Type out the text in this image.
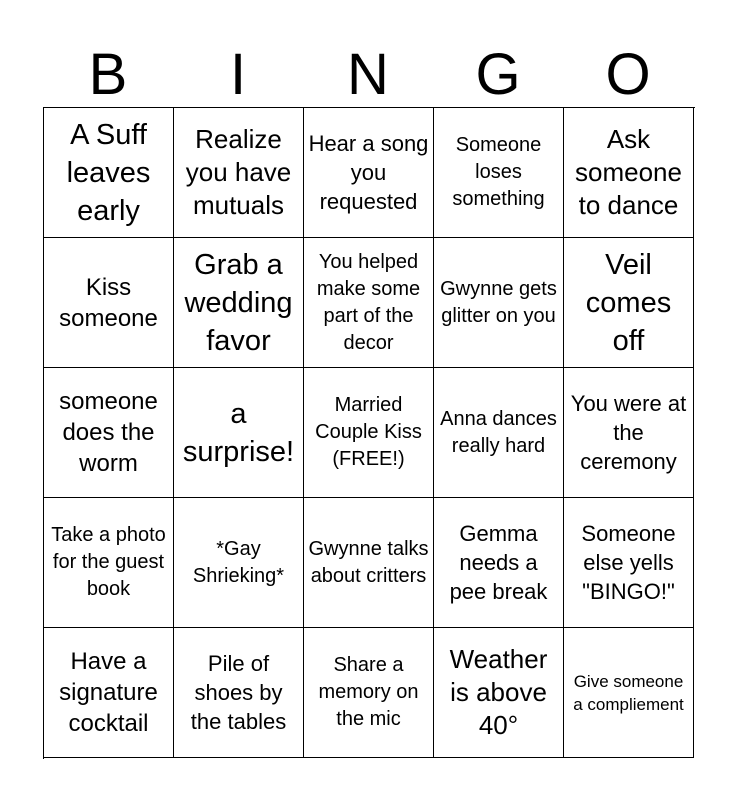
B	I	N	G	O
A Suff leaves early
Realize you have mutuals
Hear a song you requested
Someone loses something
Ask someone to dance
Kiss someone
Grab a wedding favor
You helped make some part of the decor
Gwynne gets glitter on you
Veil comes off
someone does the worm
a surprise!
Married Couple Kiss (FREE!)
Anna dances really hard
You were at the ceremony
Take a photo for the guest book
*Gay Shrieking*
Gwynne talks about critters
Gemma needs a pee break
Someone else yells "BINGO!"
Have a signature cocktail
Pile of shoes by the tables
Share a memory on the mic
Weather is above 40°
Give someone a compliement
